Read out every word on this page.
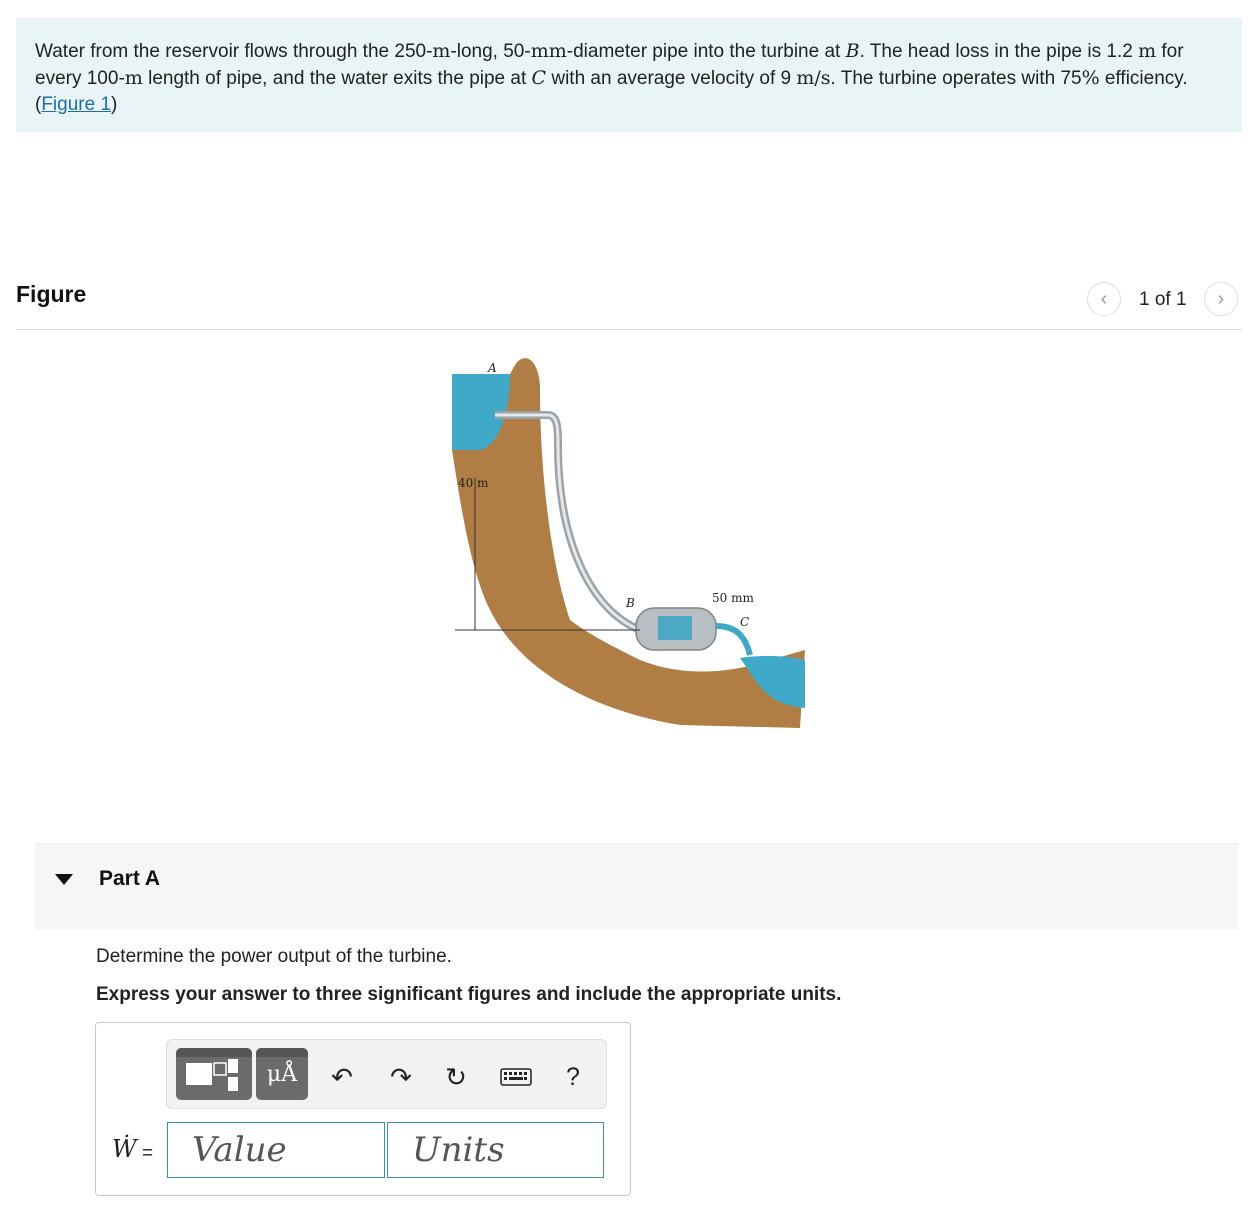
Water from the reservoir flows through the 250-m-long, 50-mm-diameter pipe into the turbine at B. The head loss in the pipe is 1.2 m for every 100-m length of pipe, and the water exits the pipe at C with an average velocity of 9 m/s. The turbine operates with 75% efficiency. (Figure 1)
Figure	‹ 1 of 1 ›
A
40 m
B	50 mm
C
Part A
Determine the power output of the turbine.
Express your answer to three significant figures and include the appropriate units.
μÅ	↶ ↷ ↻	?
Ẇ =	Value	Units
